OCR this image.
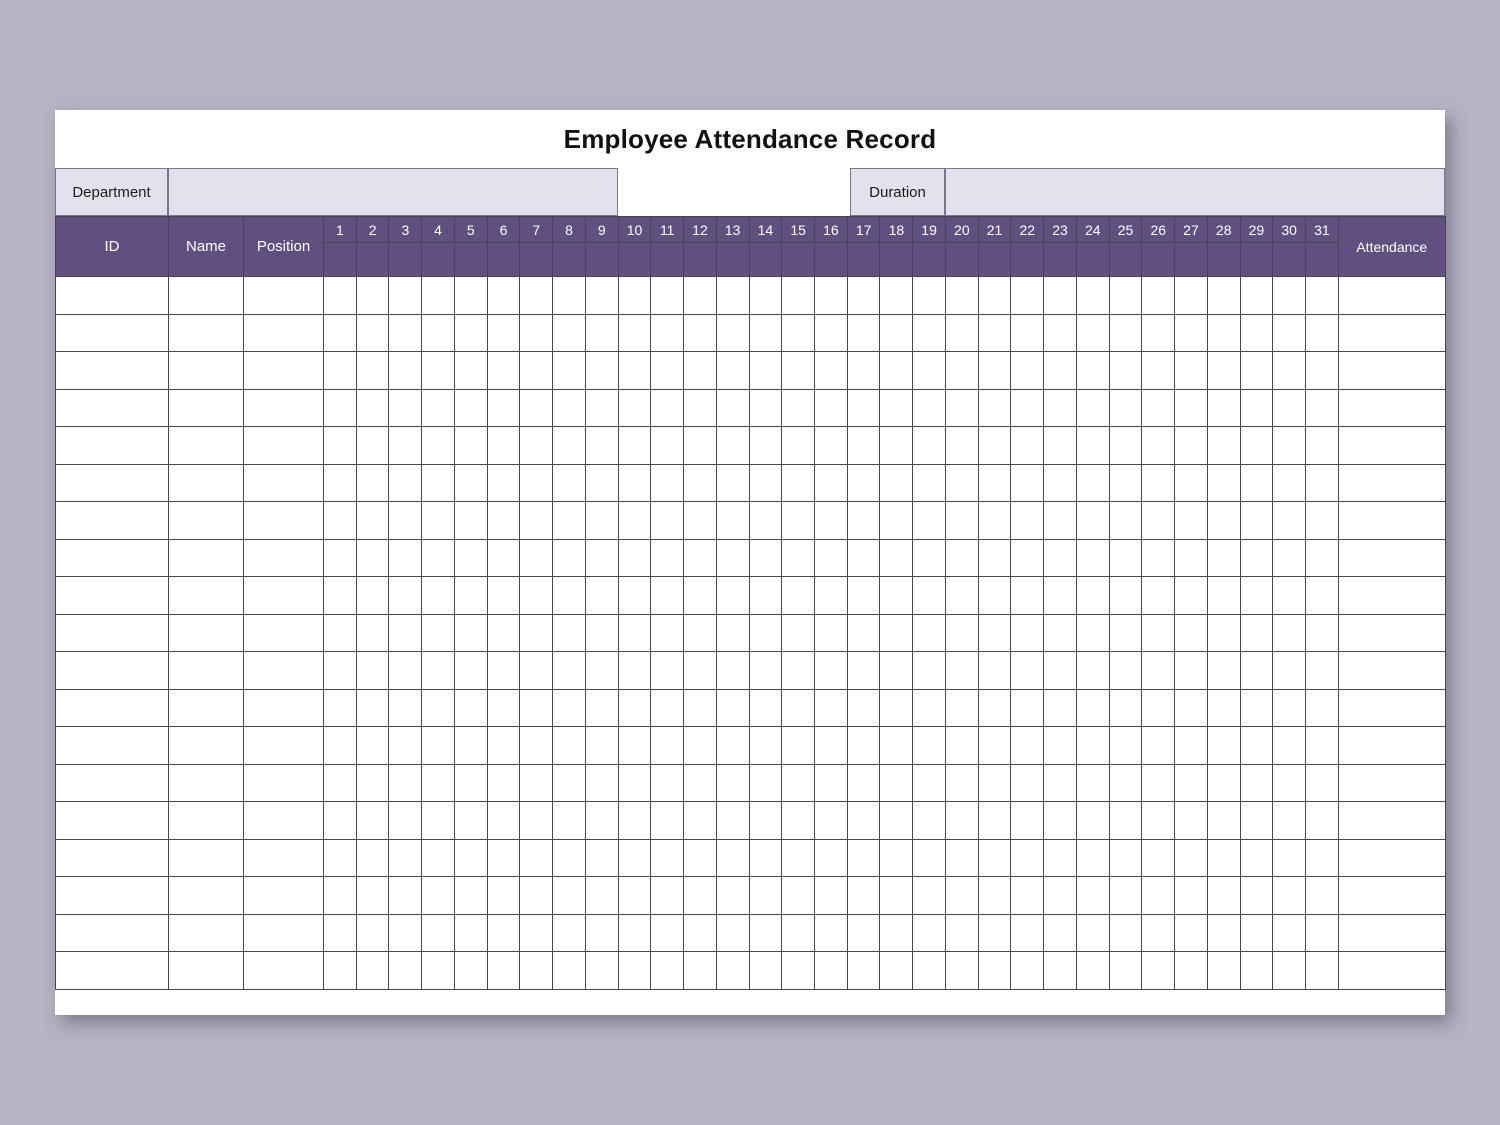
Employee Attendance Record
Department	Duration
ID	Name	Position	1	2	3	4	5	6	7	8	9	10	11	12	13	14	15	16	17	18	19	20	21	22	23	24	25	26	27	28	29	30	31	Attendance
